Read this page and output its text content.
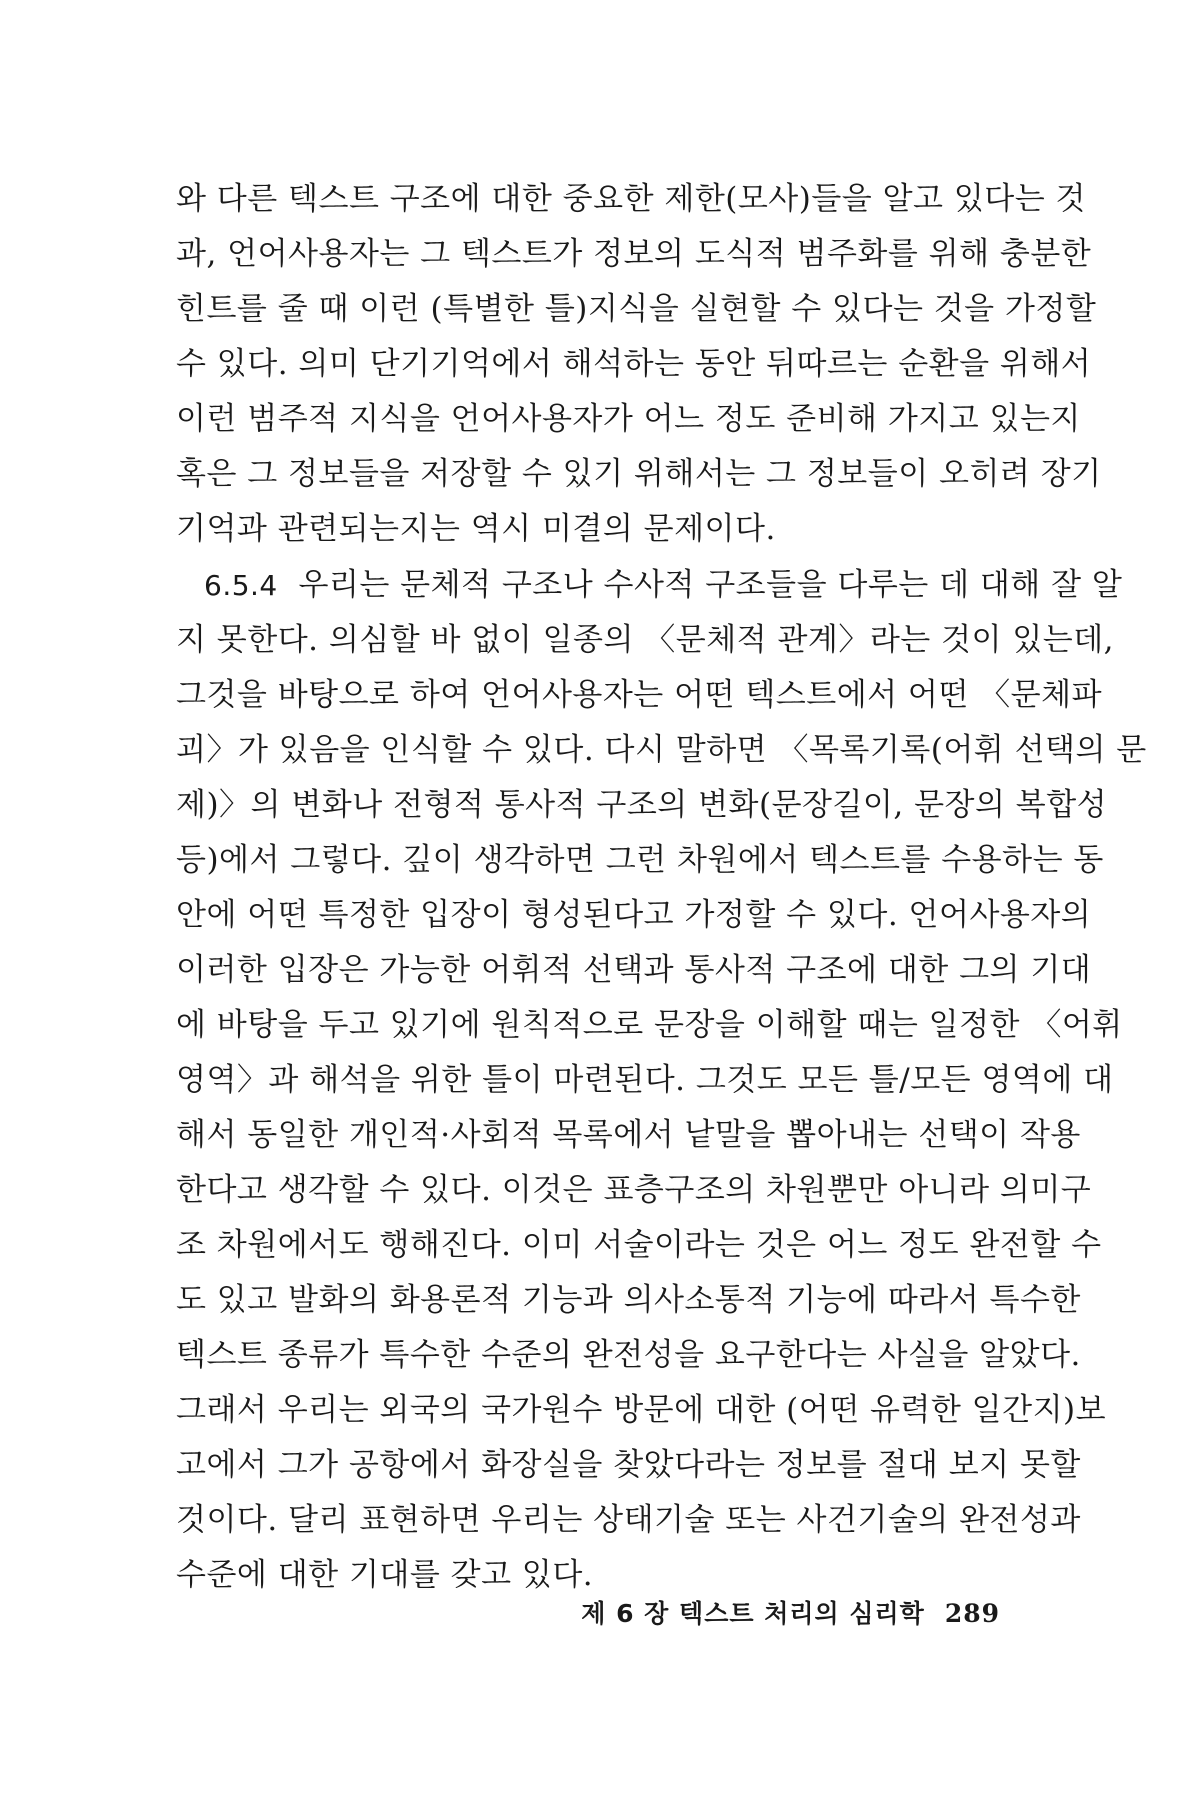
와 다른 텍스트 구조에 대한 중요한 제한(모사)들을 알고 있다는 것
과, 언어사용자는 그 텍스트가 정보의 도식적 범주화를 위해 충분한
힌트를 줄 때 이런 (특별한 틀)지식을 실현할 수 있다는 것을 가정할
수 있다. 의미 단기기억에서 해석하는 동안 뒤따르는 순환을 위해서
이런 범주적 지식을 언어사용자가 어느 정도 준비해 가지고 있는지
혹은 그 정보들을 저장할 수 있기 위해서는 그 정보들이 오히려 장기
기억과 관련되는지는 역시 미결의 문제이다.
6.5.4 우리는 문체적 구조나 수사적 구조들을 다루는 데 대해 잘 알
지 못한다. 의심할 바 없이 일종의 〈문체적 관계〉라는 것이 있는데,
그것을 바탕으로 하여 언어사용자는 어떤 텍스트에서 어떤 〈문체파
괴〉가 있음을 인식할 수 있다. 다시 말하면 〈목록기록(어휘 선택의 문
제)〉의 변화나 전형적 통사적 구조의 변화(문장길이, 문장의 복합성
등)에서 그렇다. 깊이 생각하면 그런 차원에서 텍스트를 수용하는 동
안에 어떤 특정한 입장이 형성된다고 가정할 수 있다. 언어사용자의
이러한 입장은 가능한 어휘적 선택과 통사적 구조에 대한 그의 기대
에 바탕을 두고 있기에 원칙적으로 문장을 이해할 때는 일정한 〈어휘
영역〉과 해석을 위한 틀이 마련된다. 그것도 모든 틀/모든 영역에 대
해서 동일한 개인적·사회적 목록에서 낱말을 뽑아내는 선택이 작용
한다고 생각할 수 있다. 이것은 표층구조의 차원뿐만 아니라 의미구
조 차원에서도 행해진다. 이미 서술이라는 것은 어느 정도 완전할 수
도 있고 발화의 화용론적 기능과 의사소통적 기능에 따라서 특수한
텍스트 종류가 특수한 수준의 완전성을 요구한다는 사실을 알았다.
그래서 우리는 외국의 국가원수 방문에 대한 (어떤 유력한 일간지)보
고에서 그가 공항에서 화장실을 찾았다라는 정보를 절대 보지 못할
것이다. 달리 표현하면 우리는 상태기술 또는 사건기술의 완전성과
수준에 대한 기대를 갖고 있다.
제 6 장 텍스트 처리의 심리학 289
